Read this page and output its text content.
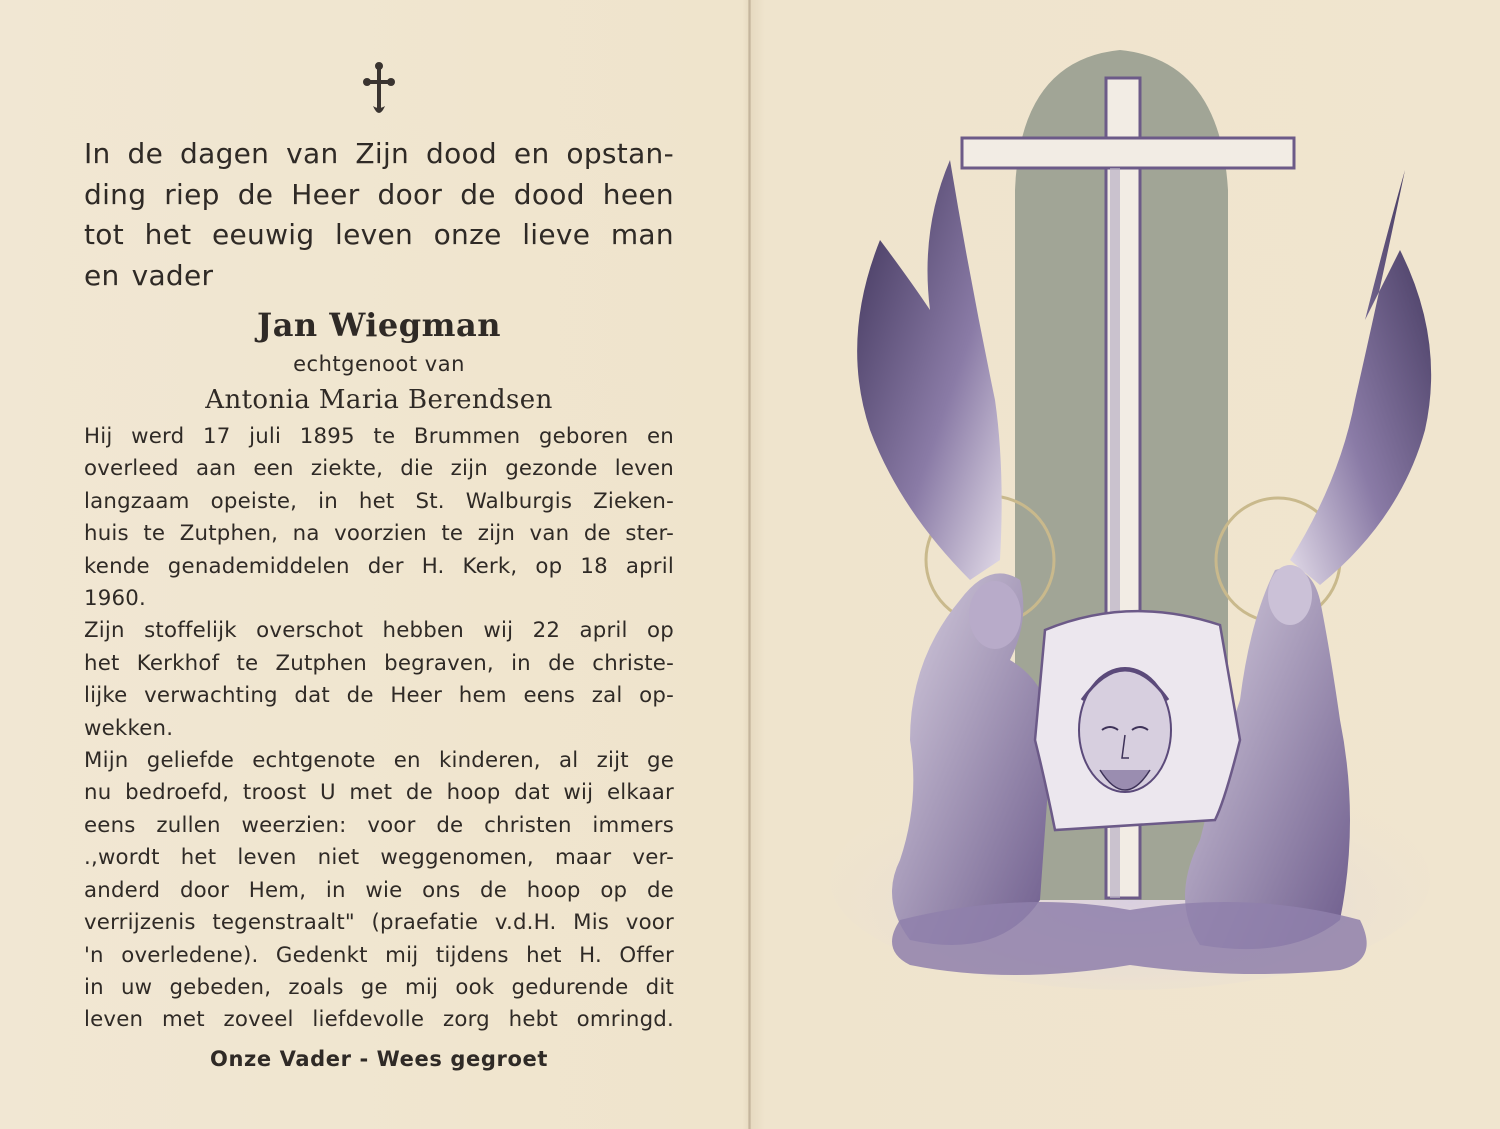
In de dagen van Zijn dood en opstan-
ding riep de Heer door de dood heen
tot het eeuwig leven onze lieve man
en vader
Jan Wiegman
echtgenoot van
Antonia Maria Berendsen
Hij werd 17 juli 1895 te Brummen geboren en
overleed aan een ziekte, die zijn gezonde leven
langzaam opeiste, in het St. Walburgis Zieken-
huis te Zutphen, na voorzien te zijn van de ster-
kende genademiddelen der H. Kerk, op 18 april
1960.
Zijn stoffelijk overschot hebben wij 22 april op
het Kerkhof te Zutphen begraven, in de christe-
lijke verwachting dat de Heer hem eens zal op-
wekken.
Mijn geliefde echtgenote en kinderen, al zijt ge
nu bedroefd, troost U met de hoop dat wij elkaar
eens zullen weerzien: voor de christen immers
.,wordt het leven niet weggenomen, maar ver-
anderd door Hem, in wie ons de hoop op de
verrijzenis tegenstraalt" (praefatie v.d.H. Mis voor
'n overledene). Gedenkt mij tijdens het H. Offer
in uw gebeden, zoals ge mij ook gedurende dit
leven met zoveel liefdevolle zorg hebt omringd.
Onze Vader - Wees gegroet
